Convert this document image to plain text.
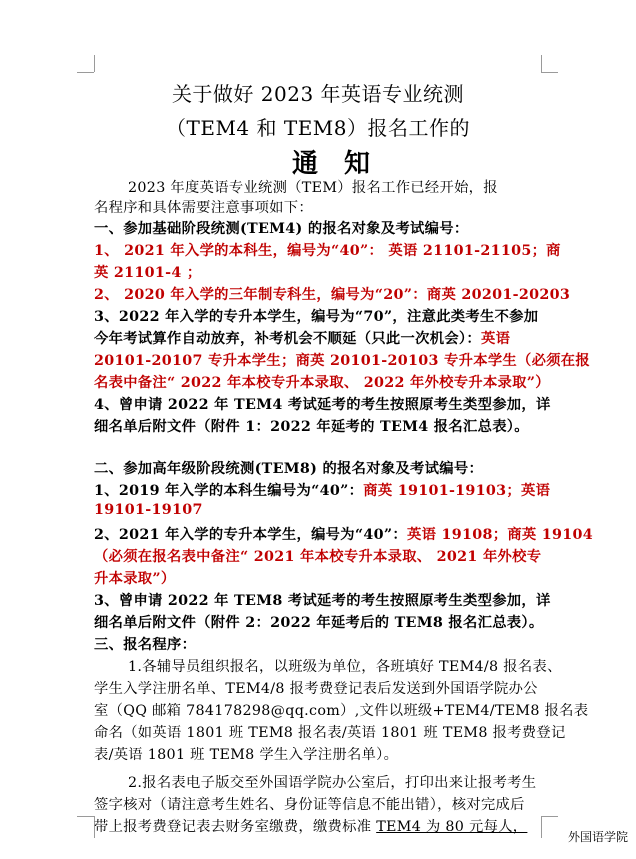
关于做好 2023 年英语专业统测
（TEM4 和 TEM8）报名工作的
通知
2023 年度英语专业统测（TEM）报名工作已经开始，报
名程序和具体需要注意事项如下：
一、参加基础阶段统测(TEM4) 的报名对象及考试编号：
1、 2021 年入学的本科生，编号为“40”： 英语 21101-21105；商
英 21101-4 ；
2、 2020 年入学的三年制专科生，编号为“20”：商英 20201-20203
3、2022 年入学的专升本学生，编号为“70”，注意此类考生不参加
今年考试算作自动放弃，补考机会不顺延（只此一次机会）：英语
20101-20107 专升本学生；商英 20101-20103 专升本学生（必须在报
名表中备注“ 2022 年本校专升本录取、 2022 年外校专升本录取”）
4、曾申请 2022 年 TEM4 考试延考的考生按照原考生类型参加，详
细名单后附文件（附件 1：2022 年延考的 TEM4 报名汇总表）。
二、参加高年级阶段统测(TEM8) 的报名对象及考试编号：
1、2019 年入学的本科生编号为“40”：商英 19101-19103；英语
19101-19107
2、2021 年入学的专升本学生，编号为“40”：英语 19108；商英 19104
（必须在报名表中备注“ 2021 年本校专升本录取、 2021 年外校专
升本录取”）
3、曾申请 2022 年 TEM8 考试延考的考生按照原考生类型参加，详
细名单后附文件（附件 2：2022 年延考后的 TEM8 报名汇总表）。
三、报名程序：
1.各辅导员组织报名，以班级为单位，各班填好 TEM4/8 报名表、
学生入学注册名单、TEM4/8 报考费登记表后发送到外国语学院办公
室（QQ 邮箱 784178298@qq.com）,文件以班级+TEM4/TEM8 报名表
命名（如英语 1801 班 TEM8 报名表/英语 1801 班 TEM8 报考费登记
表/英语 1801 班 TEM8 学生入学注册名单）。
2.报名表电子版交至外国语学院办公室后，打印出来让报考考生
签字核对（请注意考生姓名、身份证等信息不能出错），核对完成后
带上报考费登记表去财务室缴费，缴费标准 TEM4 为 80 元每人，
外国语学院
